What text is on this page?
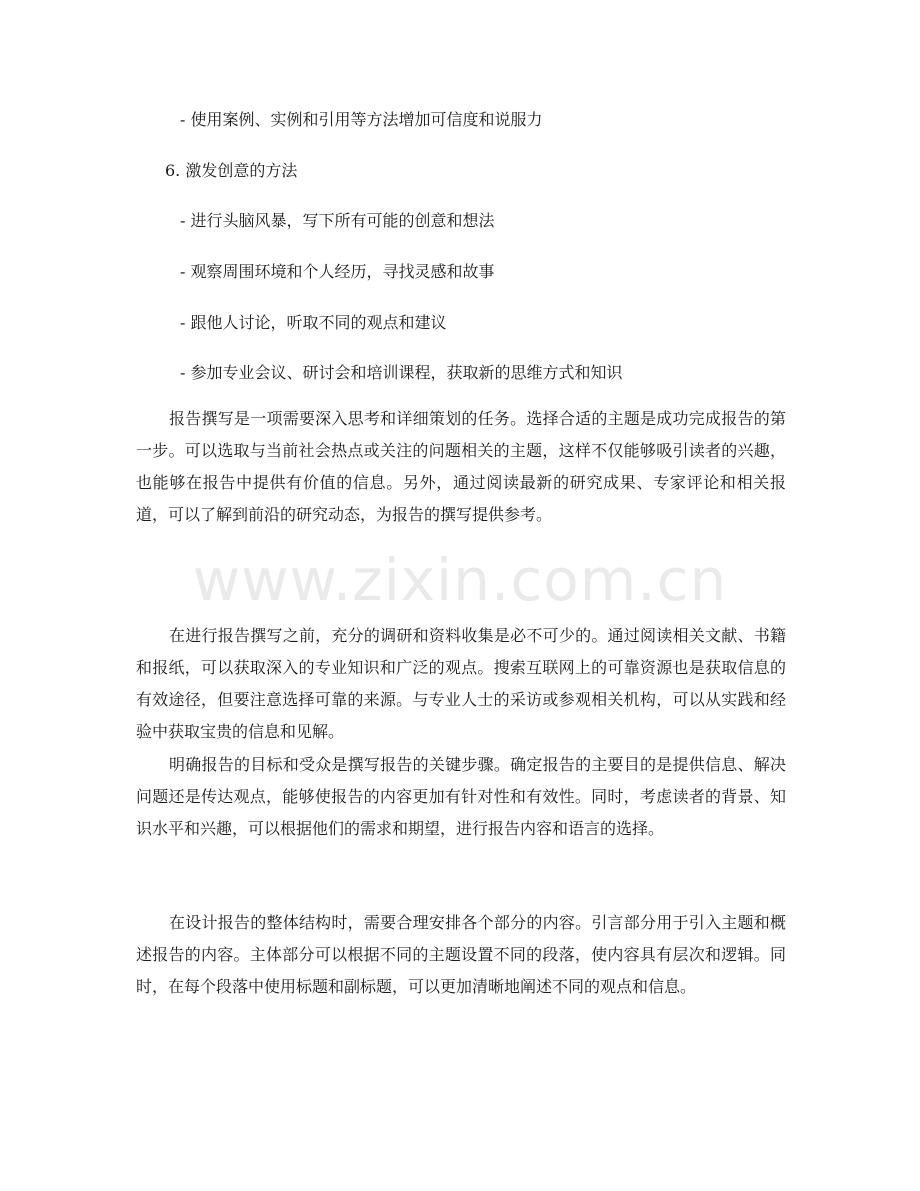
- 使用案例、实例和引用等方法增加可信度和说服力
6. 激发创意的方法
- 进行头脑风暴，写下所有可能的创意和想法
- 观察周围环境和个人经历，寻找灵感和故事
- 跟他人讨论，听取不同的观点和建议
- 参加专业会议、研讨会和培训课程，获取新的思维方式和知识

报告撰写是一项需要深入思考和详细策划的任务。选择合适的主题是成功完成报告的第一步。可以选取与当前社会热点或关注的问题相关的主题，这样不仅能够吸引读者的兴趣，也能够在报告中提供有价值的信息。另外，通过阅读最新的研究成果、专家评论和相关报道，可以了解到前沿的研究动态，为报告的撰写提供参考。

在进行报告撰写之前，充分的调研和资料收集是必不可少的。通过阅读相关文献、书籍和报纸，可以获取深入的专业知识和广泛的观点。搜索互联网上的可靠资源也是获取信息的有效途径，但要注意选择可靠的来源。与专业人士的采访或参观相关机构，可以从实践和经验中获取宝贵的信息和见解。

明确报告的目标和受众是撰写报告的关键步骤。确定报告的主要目的是提供信息、解决问题还是传达观点，能够使报告的内容更加有针对性和有效性。同时，考虑读者的背景、知识水平和兴趣，可以根据他们的需求和期望，进行报告内容和语言的选择。

在设计报告的整体结构时，需要合理安排各个部分的内容。引言部分用于引入主题和概述报告的内容。主体部分可以根据不同的主题设置不同的段落，使内容具有层次和逻辑。同时，在每个段落中使用标题和副标题，可以更加清晰地阐述不同的观点和信息。

www.zixin.com.cn
